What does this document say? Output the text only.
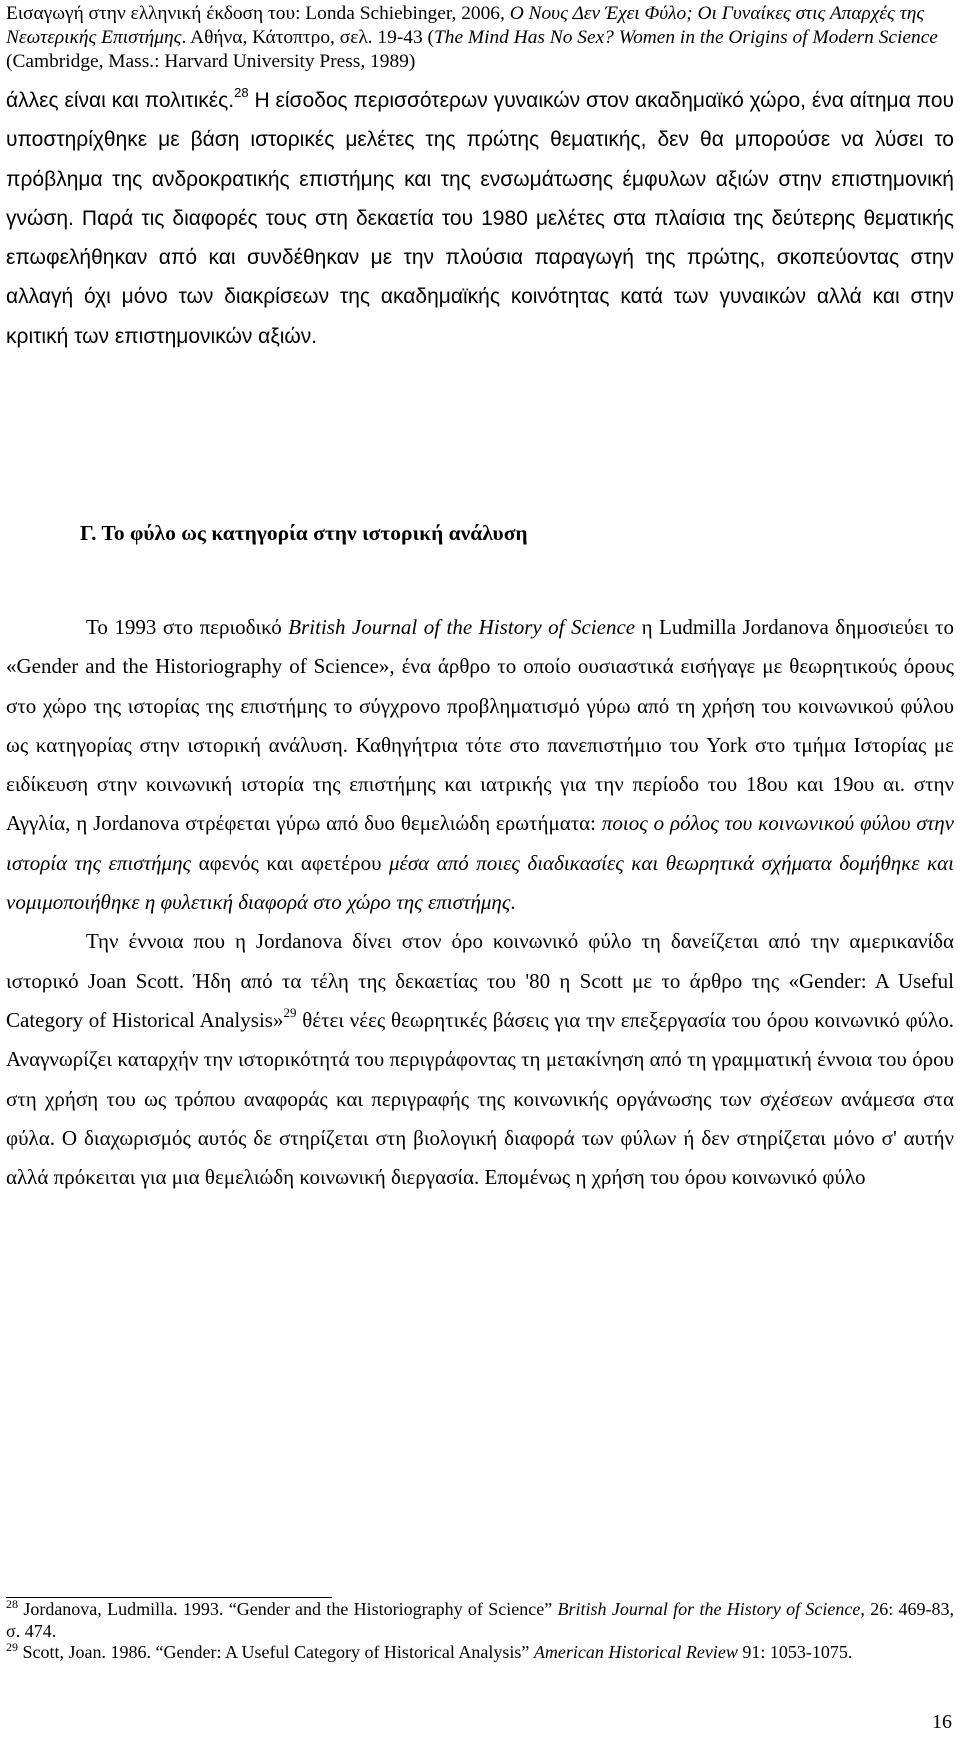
Εισαγωγή στην ελληνική έκδοση του: Londa Schiebinger, 2006, Ο Νους Δεν Έχει Φύλο; Οι Γυναίκες στις Απαρχές της Νεωτερικής Επιστήμης. Αθήνα, Κάτοπτρο, σελ. 19-43 (The Mind Has No Sex? Women in the Origins of Modern Science (Cambridge, Mass.: Harvard University Press, 1989)

άλλες είναι και πολιτικές.$^{28}$ Η είσοδος περισσότερων γυναικών στον ακαδημαϊκό χώρο, ένα αίτημα που υποστηρίχθηκε με βάση ιστορικές μελέτες της πρώτης θεματικής, δεν θα μπορούσε να λύσει το πρόβλημα της ανδροκρατικής επιστήμης και της ενσωμάτωσης έμφυλων αξιών στην επιστημονική γνώση. Παρά τις διαφορές τους στη δεκαετία του 1980 μελέτες στα πλαίσια της δεύτερης θεματικής επωφελήθηκαν από και συνδέθηκαν με την πλούσια παραγωγή της πρώτης, σκοπεύοντας στην αλλαγή όχι μόνο των διακρίσεων της ακαδημαϊκής κοινότητας κατά των γυναικών αλλά και στην κριτική των επιστημονικών αξιών.

Γ. Το φύλο ως κατηγορία στην ιστορική ανάλυση

Το 1993 στο περιοδικό British Journal of the History of Science η Ludmilla Jordanova δημοσιεύει το «Gender and the Historiography of Science», ένα άρθρο το οποίο ουσιαστικά εισήγαγε με θεωρητικούς όρους στο χώρο της ιστορίας της επιστήμης το σύγχρονο προβληματισμό γύρω από τη χρήση του κοινωνικού φύλου ως κατηγορίας στην ιστορική ανάλυση. Καθηγήτρια τότε στο πανεπιστήμιο του York στο τμήμα Ιστορίας με ειδίκευση στην κοινωνική ιστορία της επιστήμης και ιατρικής για την περίοδο του 18ου και 19ου αι. στην Αγγλία, η Jordanova στρέφεται γύρω από δυο θεμελιώδη ερωτήματα: ποιος ο ρόλος του κοινωνικού φύλου στην ιστορία της επιστήμης αφενός και αφετέρου μέσα από ποιες διαδικασίες και θεωρητικά σχήματα δομήθηκε και νομιμοποιήθηκε η φυλετική διαφορά στο χώρο της επιστήμης.

Την έννοια που η Jordanova δίνει στον όρο κοινωνικό φύλο τη δανείζεται από την αμερικανίδα ιστορικό Joan Scott. Ήδη από τα τέλη της δεκαετίας του '80 η Scott με το άρθρο της «Gender: A Useful Category of Historical Analysis»$^{29}$ θέτει νέες θεωρητικές βάσεις για την επεξεργασία του όρου κοινωνικό φύλο. Αναγνωρίζει καταρχήν την ιστορικότητά του περιγράφοντας τη μετακίνηση από τη γραμματική έννοια του όρου στη χρήση του ως τρόπου αναφοράς και περιγραφής της κοινωνικής οργάνωσης των σχέσεων ανάμεσα στα φύλα. Ο διαχωρισμός αυτός δε στηρίζεται στη βιολογική διαφορά των φύλων ή δεν στηρίζεται μόνο σ' αυτήν αλλά πρόκειται για μια θεμελιώδη κοινωνική διεργασία. Επομένως η χρήση του όρου κοινωνικό φύλο

$^{28}$ Jordanova, Ludmilla. 1993. “Gender and the Historiography of Science” British Journal for the History of Science, 26: 469-83, σ. 474.

$^{29}$ Scott, Joan. 1986. “Gender: A Useful Category of Historical Analysis” American Historical Review 91: 1053-1075.

16
